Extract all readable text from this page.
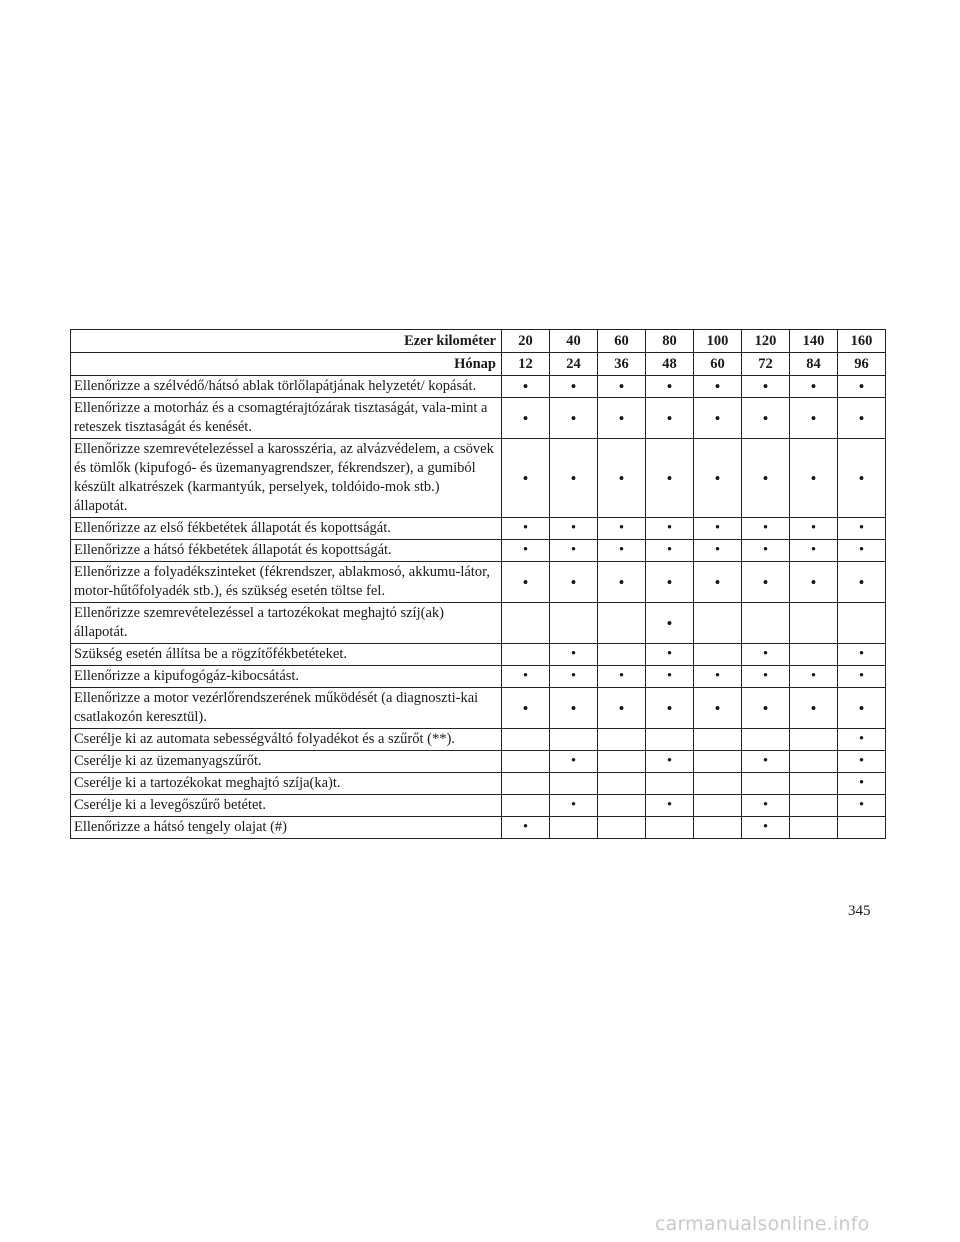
Ezer kilométer	20	40	60	80	100	120	140	160
Hónap	12	24	36	48	60	72	84	96
Ellenőrizze a szélvédő/hátsó ablak törlőlapátjának helyzetét/ kopását.	•	•	•	•	•	•	•	•
Ellenőrizze a motorház és a csomagtérajtózárak tisztaságát, vala-mint a reteszek tisztaságát és kenését.	•	•	•	•	•	•	•	•
Ellenőrizze szemrevételezéssel a karosszéria, az alvázvédelem, a csövek és tömlők (kipufogó- és üzemanyagrendszer, fékrendszer), a gumiból készült alkatrészek (karmantyúk, perselyek, toldóido-mok stb.) állapotát.	•	•	•	•	•	•	•	•
Ellenőrizze az első fékbetétek állapotát és kopottságát.	•	•	•	•	•	•	•	•
Ellenőrizze a hátsó fékbetétek állapotát és kopottságát.	•	•	•	•	•	•	•	•
Ellenőrizze a folyadékszinteket (fékrendszer, ablakmosó, akkumu-látor, motor-hűtőfolyadék stb.), és szükség esetén töltse fel.	•	•	•	•	•	•	•	•
Ellenőrizze szemrevételezéssel a tartozékokat meghajtó szíj(ak) állapotát.				•				
Szükség esetén állítsa be a rögzítőfékbetéteket.		•		•		•		•
Ellenőrizze a kipufogógáz-kibocsátást.	•	•	•	•	•	•	•	•
Ellenőrizze a motor vezérlőrendszerének működését (a diagnoszti-kai csatlakozón keresztül).	•	•	•	•	•	•	•	•
Cserélje ki az automata sebességváltó folyadékot és a szűrőt (**).								•
Cserélje ki az üzemanyagszűrőt.		•		•		•		•
Cserélje ki a tartozékokat meghajtó szíja(ka)t.								•
Cserélje ki a levegőszűrő betétet.		•		•		•		•
Ellenőrizze a hátsó tengely olajat (#)	•					•		
345
carmanualsonline.info
